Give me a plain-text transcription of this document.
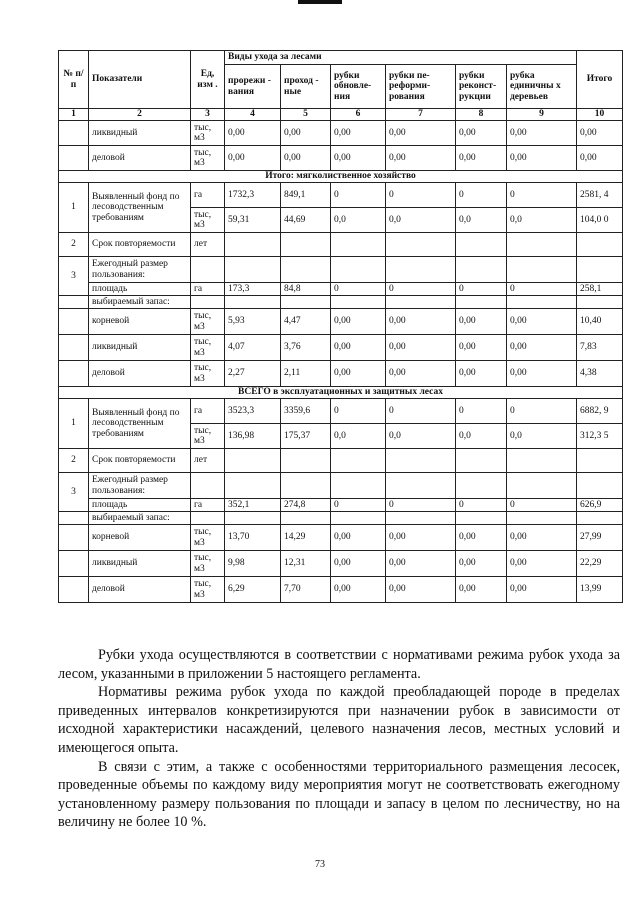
№ п/п	Показатели	Ед, изм .	Виды ухода за лесами						Итого
			прорежи - вания	проход - ные	рубки обновле- ния	рубки пе- реформи- рования	рубки реконст- рукции	рубка единичны х деревьев	
1	2	3	4	5	6	7	8	9	10
	ликвидный	тыс, м3	0,00	0,00	0,00	0,00	0,00	0,00	0,00
	деловой	тыс, м3	0,00	0,00	0,00	0,00	0,00	0,00	0,00
Итого: мягколиственное хозяйство									
1	Выявленный фонд по лесоводственным требованиям	га	1732,3	849,1	0	0	0	0	2581, 4
		тыс, м3	59,31	44,69	0,0	0,0	0,0	0,0	104,0 0
2	Срок повторяемости	лет							
3	Ежегодный размер пользования:								
	площадь	га	173,3	84,8	0	0	0	0	258,1
	выбираемый запас:								
	корневой	тыс, м3	5,93	4,47	0,00	0,00	0,00	0,00	10,40
	ликвидный	тыс, м3	4,07	3,76	0,00	0,00	0,00	0,00	7,83
	деловой	тыс, м3	2,27	2,11	0,00	0,00	0,00	0,00	4,38
ВСЕГО в эксплуатационных и защитных лесах									
1	Выявленный фонд по лесоводственным требованиям	га	3523,3	3359,6	0	0	0	0	6882, 9
		тыс, м3	136,98	175,37	0,0	0,0	0,0	0,0	312,3 5
2	Срок повторяемости	лет							
3	Ежегодный размер пользования:								
	площадь	га	352,1	274,8	0	0	0	0	626,9
	выбираемый запас:								
	корневой	тыс, м3	13,70	14,29	0,00	0,00	0,00	0,00	27,99
	ликвидный	тыс, м3	9,98	12,31	0,00	0,00	0,00	0,00	22,29
	деловой	тыс, м3	6,29	7,70	0,00	0,00	0,00	0,00	13,99

Рубки ухода осуществляются в соответствии с нормативами режима рубок ухода за лесом, указанными в приложении 5 настоящего регламента.

Нормативы режима рубок ухода по каждой преобладающей породе в пределах приведенных интервалов конкретизируются при назначении рубок в зависимости от исходной характеристики насаждений, целевого назначения лесов, местных условий и имеющегося опыта.

В связи с этим, а также с особенностями территориального размещения лесосек, проведенные объемы по каждому виду мероприятия могут не соответствовать ежегодному установленному размеру пользования по площади и запасу в целом по лесничеству, но на величину не более 10 %.

73
